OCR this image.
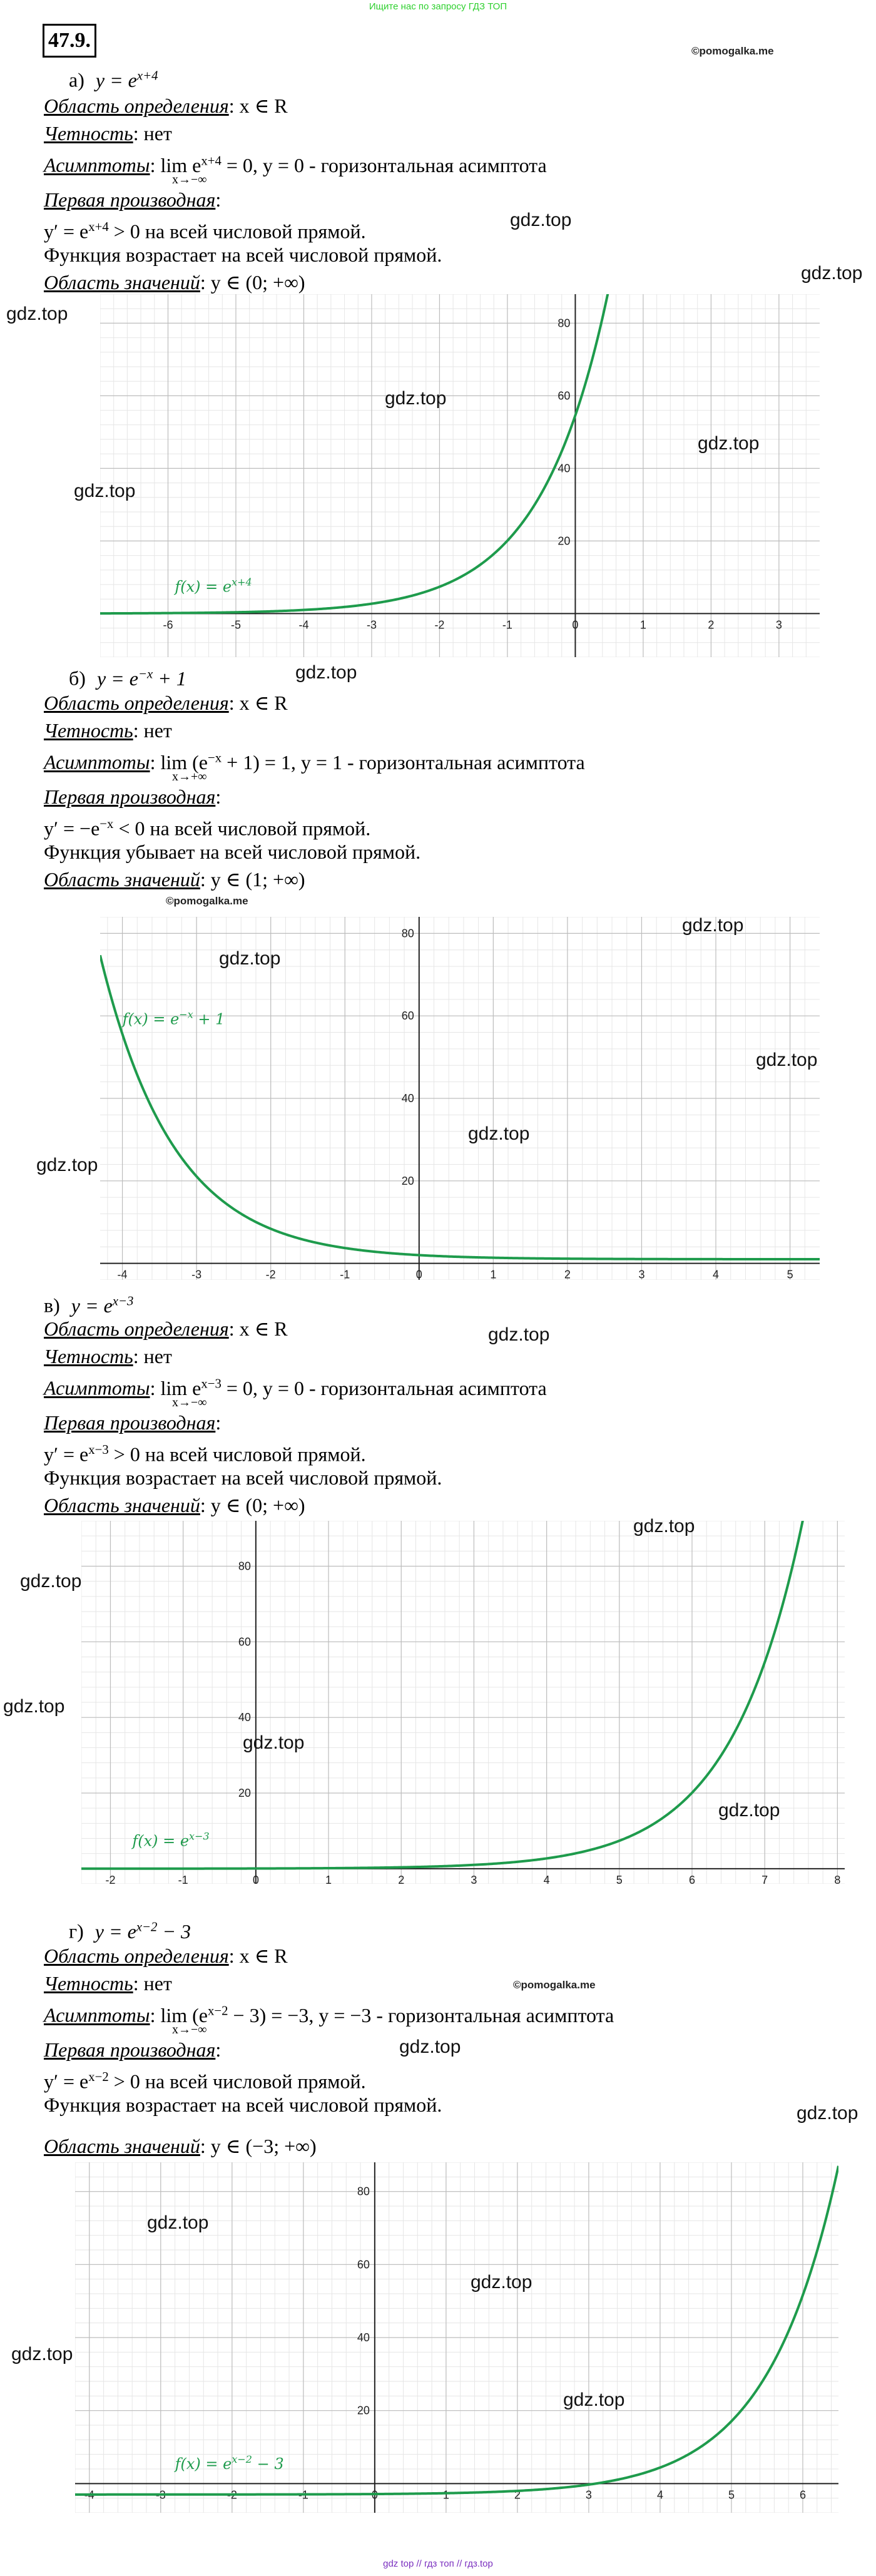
Ищите нас по запросу ГДЗ ТОП
47.9.	©pomogalka.me
а) $y = e^{x+4}$
Область определения: x ∈ R
Четность: нет
Асимптоты: $\lim e^{x+4} = 0$, y = 0 - горизонтальная асимптота
x→−∞
Первая производная:
$y' = e^{x+4} > 0$ на всей числовой прямой.
Функция возрастает на всей числовой прямой.
Область значений: y ∈ (0; +∞)
-6	-5	-4	-3	-2	-1	0	1	2	3
20
40
60
80
$f(x) = e^{x+4}$
б) $y = e^{-x} + 1$
Область определения: x ∈ R
Четность: нет
Асимптоты: $\lim (e^{-x} + 1) = 1$, y = 1 - горизонтальная асимптота
x→+∞
Первая производная:
$y' = -e^{-x} < 0$ на всей числовой прямой.
Функция убывает на всей числовой прямой.
Область значений: y ∈ (1; +∞)
©pomogalka.me
-4	-3	-2	-1	0	1	2	3	4	5
20
40
60
80
$f(x) = e^{-x} + 1$
в) $y = e^{x-3}$
Область определения: x ∈ R
Четность: нет
Асимптоты: $\lim e^{x-3} = 0$, y = 0 - горизонтальная асимптота
x→−∞
Первая производная:
$y' = e^{x-3} > 0$ на всей числовой прямой.
Функция возрастает на всей числовой прямой.
Область значений: y ∈ (0; +∞)
-2	-1	0	1	2	3	4	5	6	7	8
20
40
60
80
$f(x) = e^{x-3}$
г) $y = e^{x-2} - 3$
Область определения: x ∈ R
Четность: нет	©pomogalka.me
Асимптоты: $\lim (e^{x-2} - 3) = -3$, y = −3 - горизонтальная асимптота
x→−∞
Первая производная:
$y' = e^{x-2} > 0$ на всей числовой прямой.
Функция возрастает на всей числовой прямой.
Область значений: y ∈ (−3; +∞)
-4	-3	-2	-1	0	1	2	3	4	5	6
20
40
60
80
$f(x) = e^{x-2} - 3$
gdz.top
gdz.top
gdz.top
gdz.top
gdz.top
gdz.top
gdz.top
gdz.top
gdz.top
gdz.top
gdz.top
gdz.top
gdz.top
gdz.top
gdz.top
gdz.top
gdz.top
gdz.top
gdz.top
gdz.top
gdz.top
gdz.top
gdz.top
gdz.top
gdz top // гдз топ // гдз.top
